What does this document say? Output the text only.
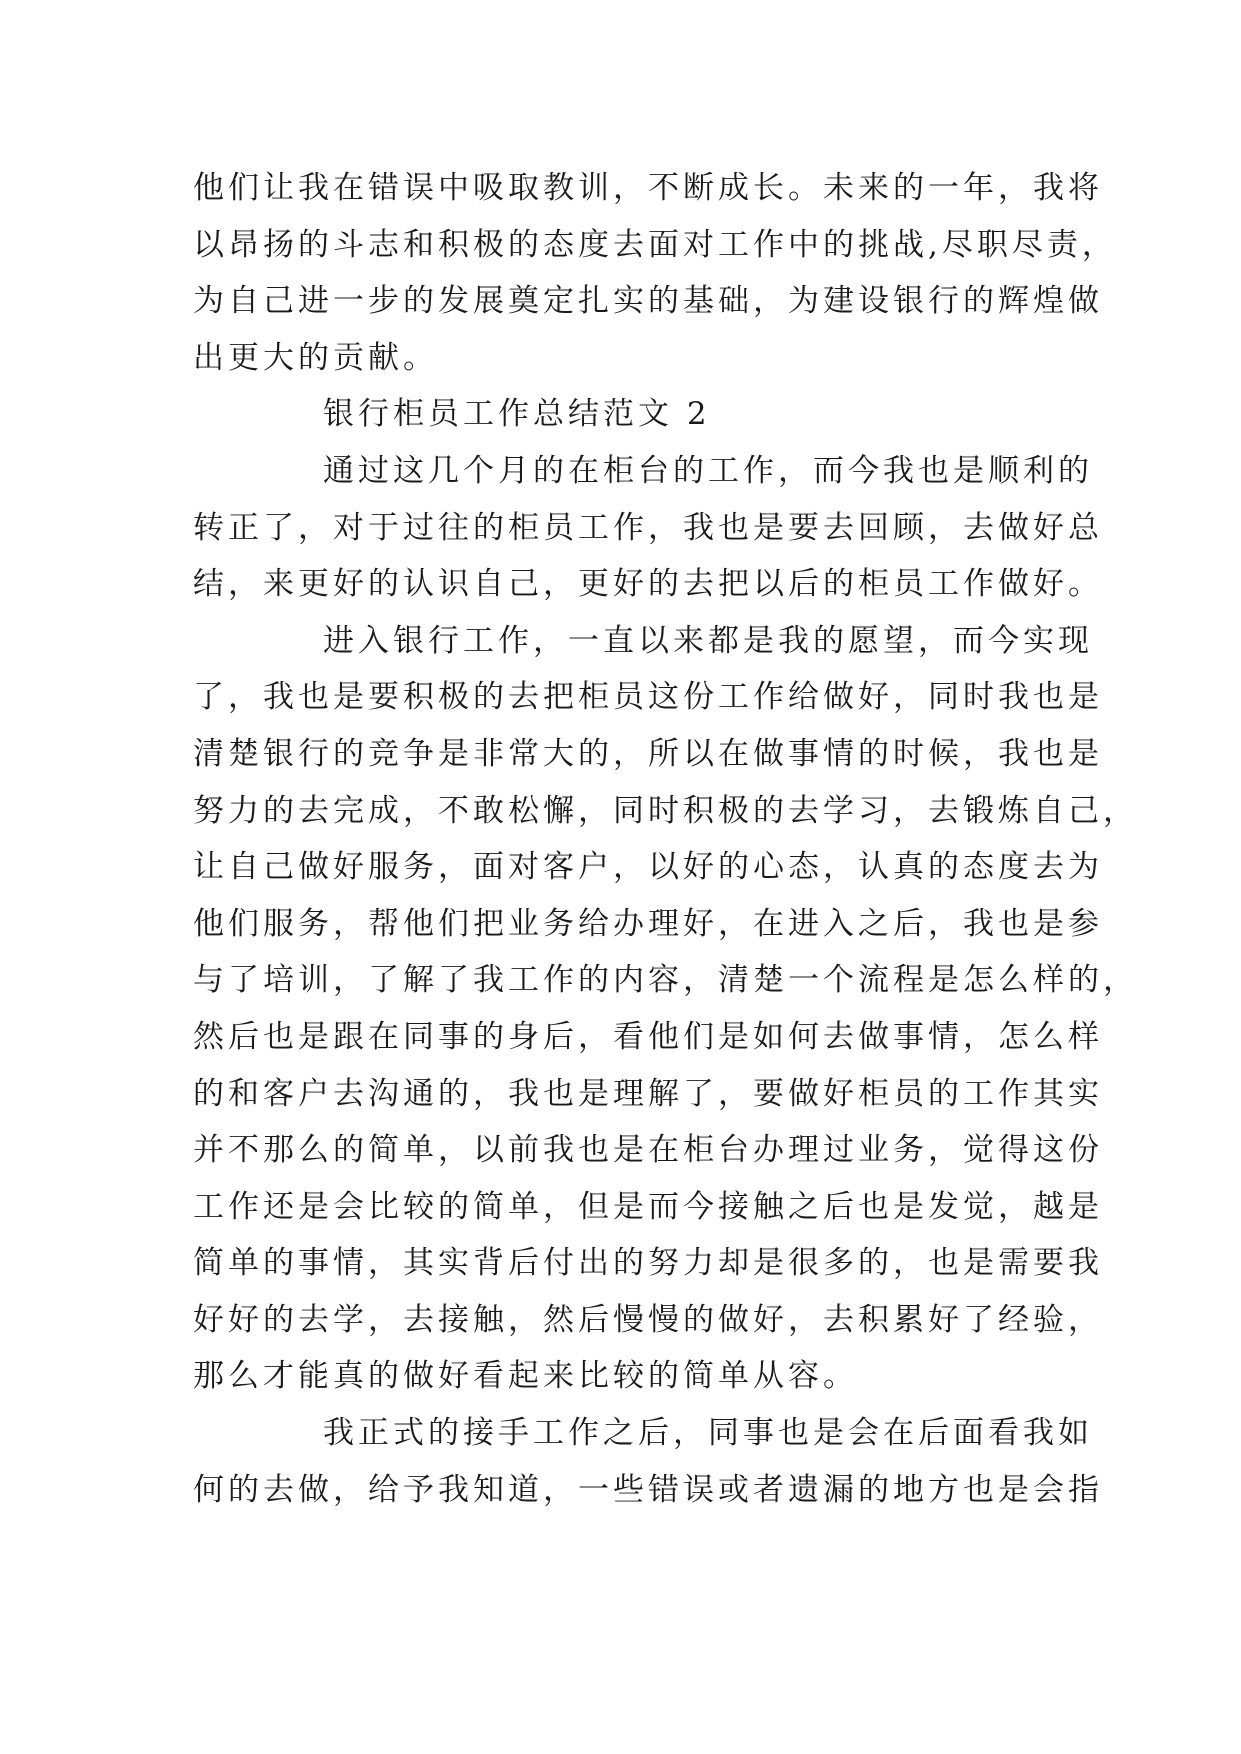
他们让我在错误中吸取教训，不断成长。未来的一年，我将
以昂扬的斗志和积极的态度去面对工作中的挑战,尽职尽责，
为自己进一步的发展奠定扎实的基础，为建设银行的辉煌做
出更大的贡献。
银行柜员工作总结范文 2
通过这几个月的在柜台的工作，而今我也是顺利的
转正了，对于过往的柜员工作，我也是要去回顾，去做好总
结，来更好的认识自己，更好的去把以后的柜员工作做好。
进入银行工作，一直以来都是我的愿望，而今实现
了，我也是要积极的去把柜员这份工作给做好，同时我也是
清楚银行的竞争是非常大的，所以在做事情的时候，我也是
努力的去完成，不敢松懈，同时积极的去学习，去锻炼自己，
让自己做好服务，面对客户，以好的心态，认真的态度去为
他们服务，帮他们把业务给办理好，在进入之后，我也是参
与了培训，了解了我工作的内容，清楚一个流程是怎么样的，
然后也是跟在同事的身后，看他们是如何去做事情，怎么样
的和客户去沟通的，我也是理解了，要做好柜员的工作其实
并不那么的简单，以前我也是在柜台办理过业务，觉得这份
工作还是会比较的简单，但是而今接触之后也是发觉，越是
简单的事情，其实背后付出的努力却是很多的，也是需要我
好好的去学，去接触，然后慢慢的做好，去积累好了经验，
那么才能真的做好看起来比较的简单从容。
我正式的接手工作之后，同事也是会在后面看我如
何的去做，给予我知道，一些错误或者遗漏的地方也是会指
